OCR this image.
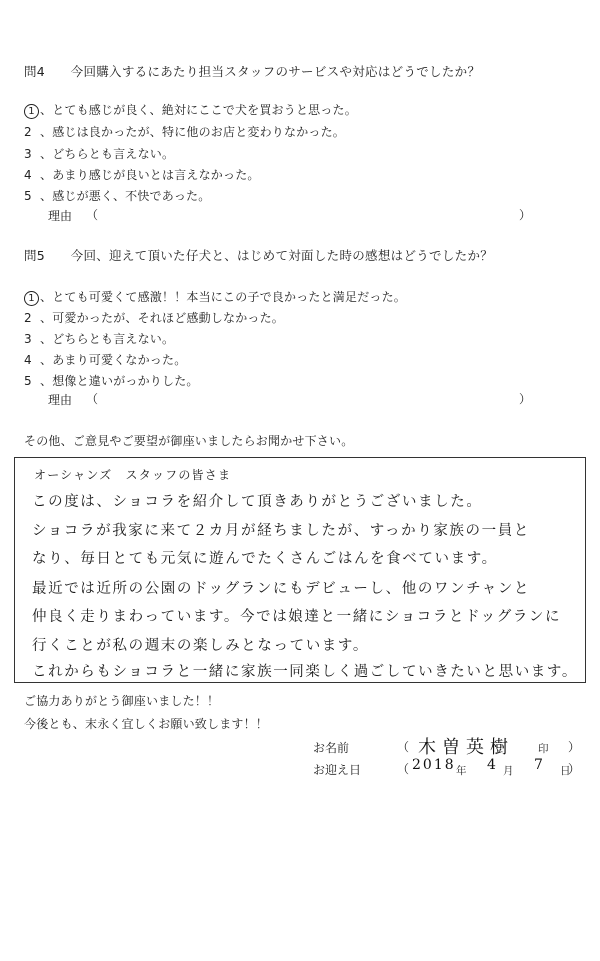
問4　　今回購入するにあたり担当スタッフのサービスや対応はどうでしたか？
1 、とても感じが良く、絶対にここで犬を買おうと思った。
2 、感じは良かったが、特に他のお店と変わりなかった。
3 、どちらとも言えない。
4 、あまり感じが良いとは言えなかった。
5 、感じが悪く、不快であった。
理由 （	）
問5　　今回、迎えて頂いた仔犬と、はじめて対面した時の感想はどうでしたか？
1 、とても可愛くて感激！！本当にこの子で良かったと満足だった。
2 、可愛かったが、それほど感動しなかった。
3 、どちらとも言えない。
4 、あまり可愛くなかった。
5 、想像と違いがっかりした。
理由 （	）
その他、ご意見やご要望が御座いましたらお聞かせ下さい。
オーシャンズ　スタッフの皆さま
この度は、ショコラを紹介して頂きありがとうございました。
ショコラが我家に来て２カ月が経ちましたが、すっかり家族の一員と
なり、毎日とても元気に遊んでたくさんごはんを食べています。
最近では近所の公園のドッグランにもデビューし、他のワンチャンと
仲良く走りまわっています。今では娘達と一緒にショコラとドッグランに
行くことが私の週末の楽しみとなっています。
これからもショコラと一緒に家族一同楽しく過ごしていきたいと思います。
ご協力ありがとう御座いました！！
今後とも、末永く宜しくお願い致します！！
お名前	（ 木曽英樹 印 ）
お迎え日	（ 2018 年 4 月 7 日
）
